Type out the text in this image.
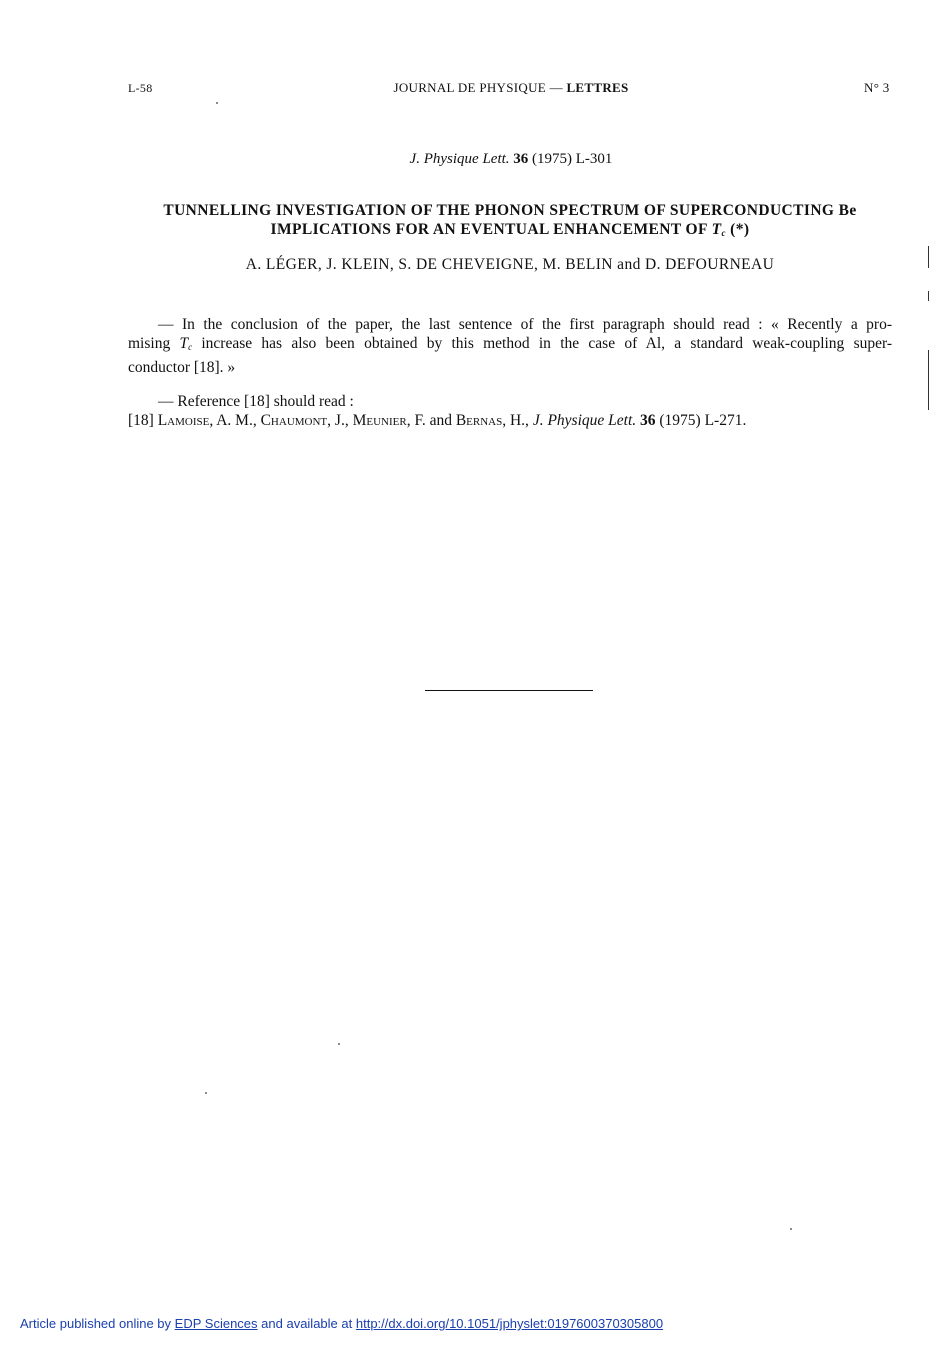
L-58	JOURNAL DE PHYSIQUE — LETTRES	N° 3
J. Physique Lett. 36 (1975) L-301
TUNNELLING INVESTIGATION OF THE PHONON SPECTRUM OF SUPERCONDUCTING Be
IMPLICATIONS FOR AN EVENTUAL ENHANCEMENT OF $T_c$ (*)
A. LÉGER, J. KLEIN, S. DE CHEVEIGNE, M. BELIN and D. DEFOURNEAU
— In the conclusion of the paper, the last sentence of the first paragraph should read : « Recently a pro-
mising $T_c$ increase has also been obtained by this method in the case of Al, a standard weak-coupling super-
conductor [18]. »
— Reference [18] should read :
[18] Lamoise, A. M., Chaumont, J., Meunier, F. and Bernas, H., J. Physique Lett. 36 (1975) L-271.
Article published online by EDP Sciences and available at http://dx.doi.org/10.1051/jphyslet:0197600370305800
